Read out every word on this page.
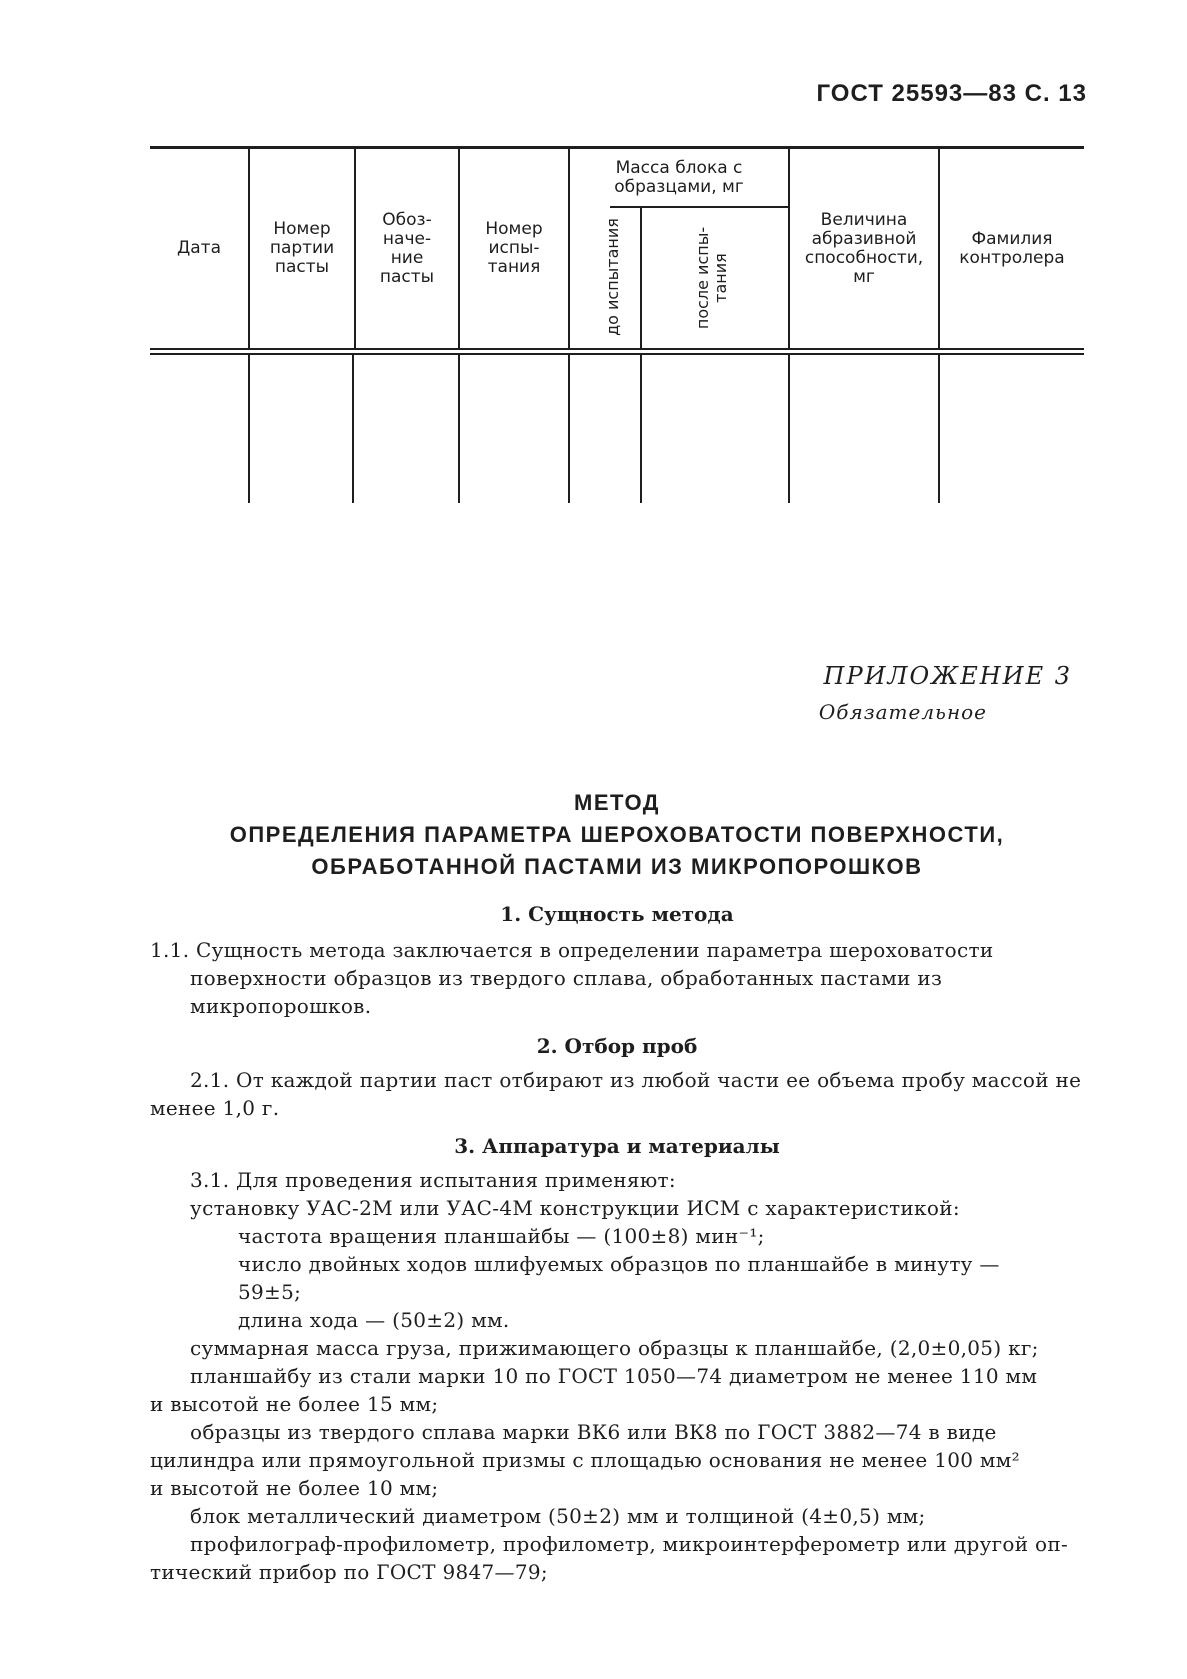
ГОСТ 25593—83 С. 13
Дата
Номер
партии
пасты
Обоз-
наче-
ние
пасты
Номер
испы-
тания
Масса блока с
образцами, мг
до испытания	после испы-
тания
Величина
абразивной
способности,
мг
Фамилия
контролера
ПРИЛОЖЕНИЕ 3
Обязательное
МЕТОД
ОПРЕДЕЛЕНИЯ ПАРАМЕТРА ШЕРОХОВАТОСТИ ПОВЕРХНОСТИ,
ОБРАБОТАННОЙ ПАСТАМИ ИЗ МИКРОПОРОШКОВ
1. Сущность метода
1.1. Сущность метода заключается в определении параметра шероховатости поверхности образцов из твердого сплава, обработанных пастами из микропорошков.
2. Отбор проб
2.1. От каждой партии паст отбирают из любой части ее объема пробу массой не менее 1,0 г.
3. Аппаратура и материалы
3.1. Для проведения испытания применяют:
установку УАС-2М или УАС-4М конструкции ИСМ с характеристикой:
частота вращения планшайбы — (100±8) мин⁻¹;
число двойных ходов шлифуемых образцов по планшайбе в минуту —
59±5;
длина хода — (50±2) мм.
суммарная масса груза, прижимающего образцы к планшайбе, (2,0±0,05) кг;
планшайбу из стали марки 10 по ГОСТ 1050—74 диаметром не менее 110 мм
и высотой не более 15 мм;
образцы из твердого сплава марки ВК6 или ВК8 по ГОСТ 3882—74 в виде
цилиндра или прямоугольной призмы с площадью основания не менее 100 мм²
и высотой не более 10 мм;
блок металлический диаметром (50±2) мм и толщиной (4±0,5) мм;
профилограф-профилометр, профилометр, микроинтерферометр или другой оп-
тический прибор по ГОСТ 9847—79;
